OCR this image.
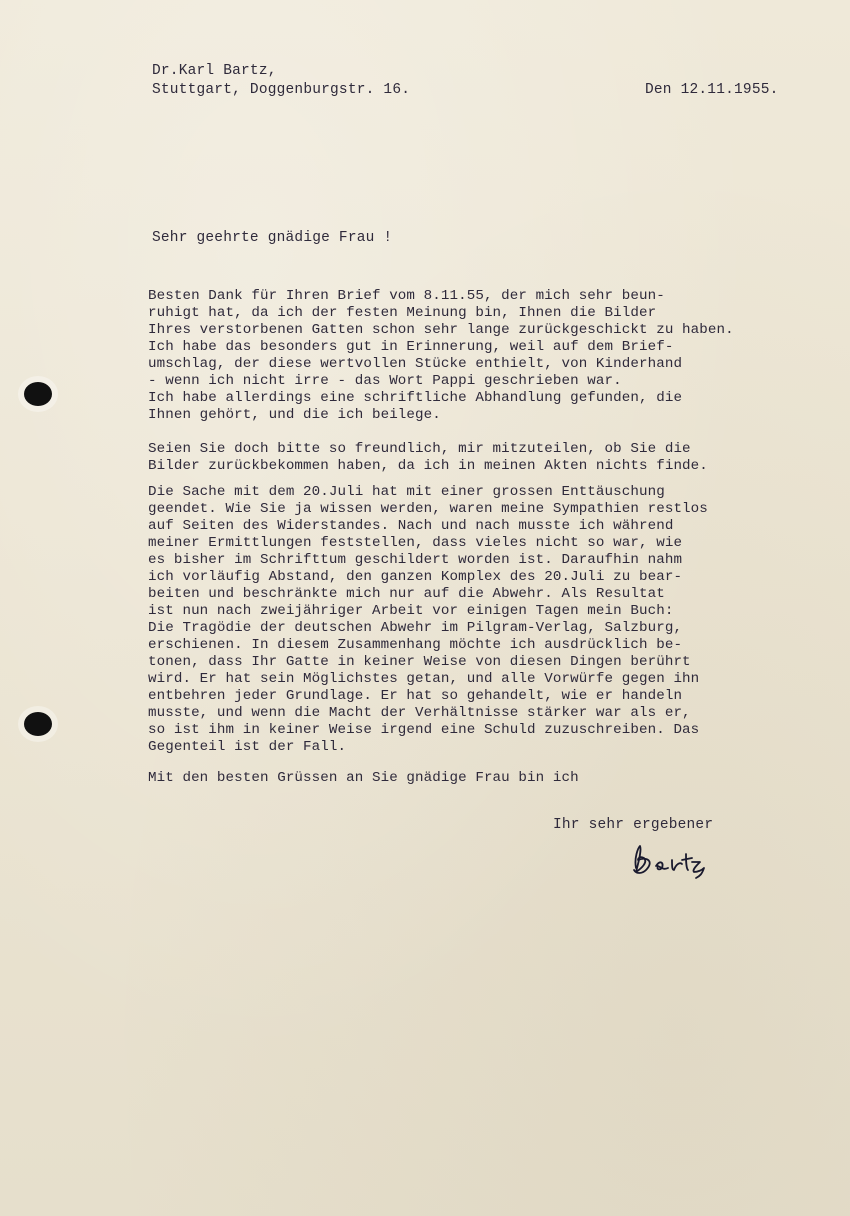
Dr.Karl Bartz,
Stuttgart, Doggenburgstr. 16.	Den 12.11.1955.
Sehr geehrte gnädige Frau !
Besten Dank für Ihren Brief vom 8.11.55, der mich sehr beun-
ruhigt hat, da ich der festen Meinung bin, Ihnen die Bilder
Ihres verstorbenen Gatten schon sehr lange zurückgeschickt zu haben.
Ich habe das besonders gut in Erinnerung, weil auf dem Brief-
umschlag, der diese wertvollen Stücke enthielt, von Kinderhand
- wenn ich nicht irre - das Wort Pappi geschrieben war.
Ich habe allerdings eine schriftliche Abhandlung gefunden, die
Ihnen gehört, und die ich beilege.
Seien Sie doch bitte so freundlich, mir mitzuteilen, ob Sie die
Bilder zurückbekommen haben, da ich in meinen Akten nichts finde.
Die Sache mit dem 20.Juli hat mit einer grossen Enttäuschung
geendet. Wie Sie ja wissen werden, waren meine Sympathien restlos
auf Seiten des Widerstandes. Nach und nach musste ich während
meiner Ermittlungen feststellen, dass vieles nicht so war, wie
es bisher im Schrifttum geschildert worden ist. Daraufhin nahm
ich vorläufig Abstand, den ganzen Komplex des 20.Juli zu bear-
beiten und beschränkte mich nur auf die Abwehr. Als Resultat
ist nun nach zweijähriger Arbeit vor einigen Tagen mein Buch:
Die Tragödie der deutschen Abwehr im Pilgram-Verlag, Salzburg,
erschienen. In diesem Zusammenhang möchte ich ausdrücklich be-
tonen, dass Ihr Gatte in keiner Weise von diesen Dingen berührt
wird. Er hat sein Möglichstes getan, und alle Vorwürfe gegen ihn
entbehren jeder Grundlage. Er hat so gehandelt, wie er handeln
musste, und wenn die Macht der Verhältnisse stärker war als er,
so ist ihm in keiner Weise irgend eine Schuld zuzuschreiben. Das
Gegenteil ist der Fall.
Mit den besten Grüssen an Sie gnädige Frau bin ich
Ihr sehr ergebener
